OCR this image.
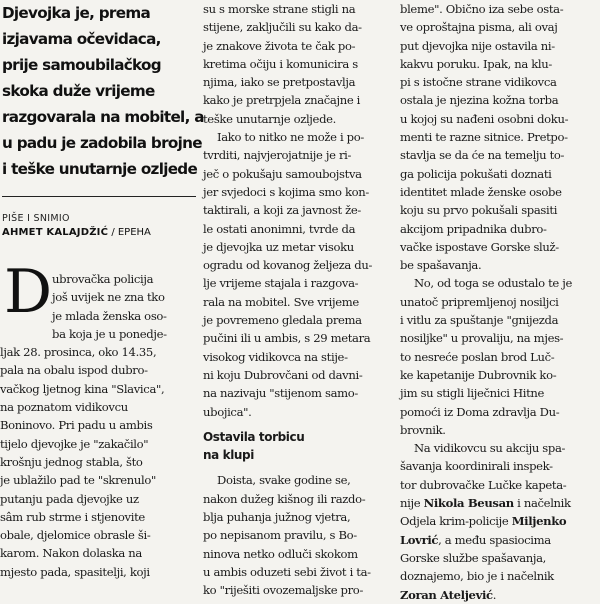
Djevojka je, prema
izjavama očevidaca,
prije samoubilačkog
skoka duže vrijeme
razgovarala na mobitel, a
u padu je zadobila brojne
i teške unutarnje ozljede
PIŠE I SNIMIO
AHMET KALAJDŽIĆ / EPEHA
D ubrovačka policija
još uvijek ne zna tko
je mlada ženska oso-
ba koja je u ponedje-
ljak 28. prosinca, oko 14.35,
pala na obalu ispod dubro-
vačkog ljetnog kina "Slavica",
na poznatom vidikovcu
Boninovo. Pri padu u ambis
tijelo djevojke je "zakačilo"
krošnju jednog stabla, što
je ublažilo pad te "skrenulo"
putanju pada djevojke uz
sâm rub strme i stjenovite
obale, djelomice obrasle ši-
karom. Nakon dolaska na
mjesto pada, spasitelji, koji
su s morske strane stigli na
stijene, zaključili su kako da-
je znakove života te čak po-
kretima očiju i komunicira s
njima, iako se pretpostavlja
kako je pretrpjela značajne i
teške unutarnje ozljede.
Iako to nitko ne može i po-
tvrditi, najvjerojatnije je ri-
ječ o pokušaju samoubojstva
jer svjedoci s kojima smo kon-
taktirali, a koji za javnost že-
le ostati anonimni, tvrde da
je djevojka uz metar visoku
ogradu od kovanog željeza du-
lje vrijeme stajala i razgova-
rala na mobitel. Sve vrijeme
je povremeno gledala prema
pučini ili u ambis, s 29 metara
visokog vidikovca na stije-
ni koju Dubrovčani od davni-
na nazivaju "stijenom samo-
ubojica".
Ostavila torbicu
na klupi
Doista, svake godine se,
nakon dužeg kišnog ili razdo-
blja puhanja južnog vjetra,
po nepisanom pravilu, s Bo-
ninova netko odluči skokom
u ambis oduzeti sebi život i ta-
ko "riješiti ovozemaljske pro-
bleme". Obično iza sebe osta-
ve oproštajna pisma, ali ovaj
put djevojka nije ostavila ni-
kakvu poruku. Ipak, na klu-
pi s istočne strane vidikovca
ostala je njezina kožna torba
u kojoj su nađeni osobni doku-
menti te razne sitnice. Pretpo-
stavlja se da će na temelju to-
ga policija pokušati doznati
identitet mlade ženske osobe
koju su prvo pokušali spasiti
akcijom pripadnika dubro-
vačke ispostave Gorske služ-
be spašavanja.
No, od toga se odustalo te je
unatoč pripremljenoj nosiljci
i vitlu za spuštanje "gnijezda
nosiljke" u provaliju, na mjes-
to nesreće poslan brod Luč-
ke kapetanije Dubrovnik ko-
jim su stigli liječnici Hitne
pomoći iz Doma zdravlja Du-
brovnik.
Na vidikovcu su akciju spa-
šavanja koordinirali inspek-
tor dubrovačke Lučke kapeta-
nije Nikola Beusan i načelnik
Odjela krim-policije Miljenko
Lovrić, a među spasiocima
Gorske službe spašavanja,
doznajemo, bio je i načelnik
Zoran Ateljević.
